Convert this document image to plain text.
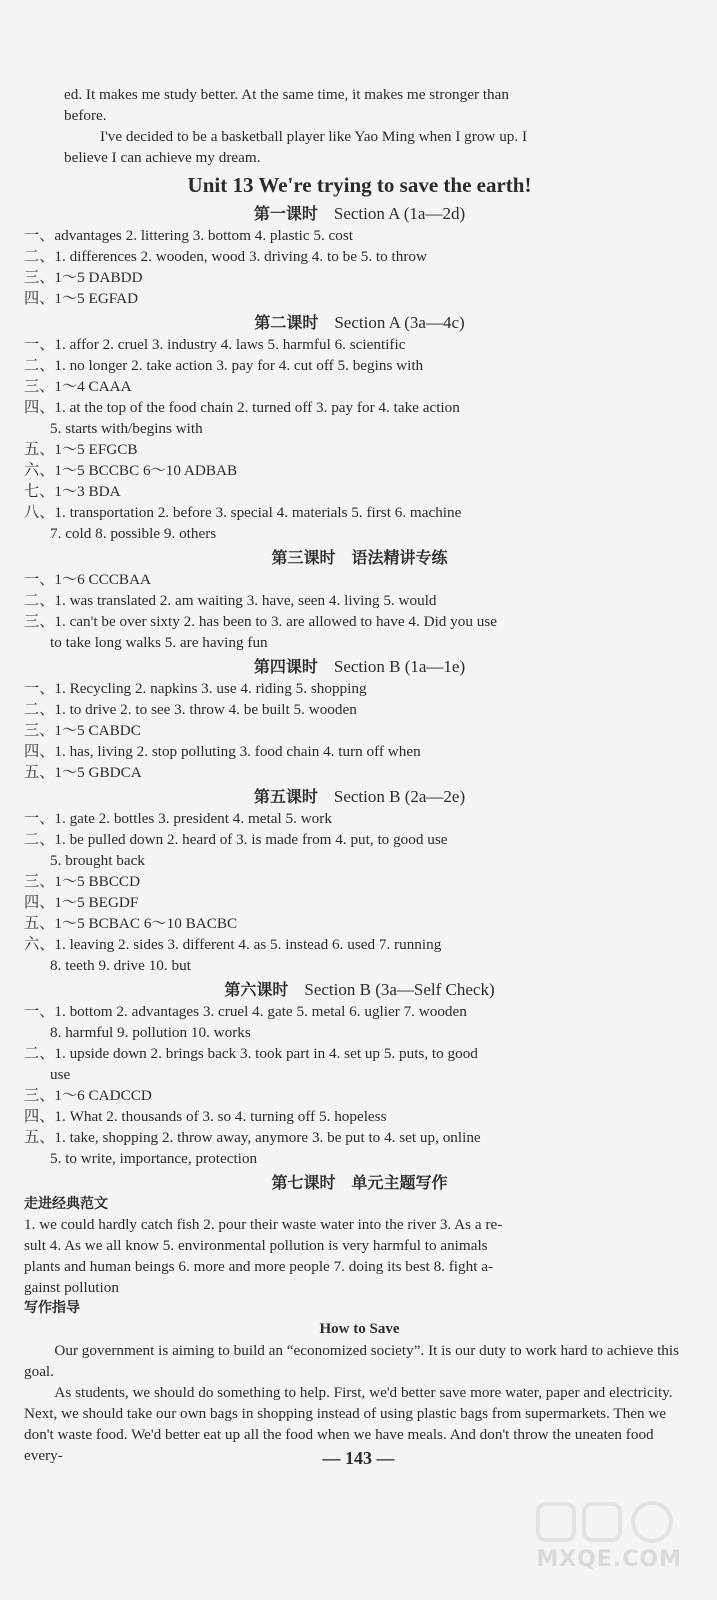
ed. It makes me study better. At the same time, it makes me stronger than
before.
I've decided to be a basketball player like Yao Ming when I grow up. I
believe I can achieve my dream.
Unit 13 We're trying to save the earth!
第一课时 Section A (1a—2d)
一、advantages 2. littering 3. bottom 4. plastic 5. cost
二、1. differences 2. wooden, wood 3. driving 4. to be 5. to throw
三、1～5 DABDD
四、1～5 EGFAD
第二课时 Section A (3a—4c)
一、1. affor 2. cruel 3. industry 4. laws 5. harmful 6. scientific
二、1. no longer 2. take action 3. pay for 4. cut off 5. begins with
三、1～4 CAAA
四、1. at the top of the food chain 2. turned off 3. pay for 4. take action
5. starts with/begins with
五、1～5 EFGCB
六、1～5 BCCBC 6～10 ADBAB
七、1～3 BDA
八、1. transportation 2. before 3. special 4. materials 5. first 6. machine
7. cold 8. possible 9. others
第三课时 语法精讲专练
一、1～6 CCCBAA
二、1. was translated 2. am waiting 3. have, seen 4. living 5. would
三、1. can't be over sixty 2. has been to 3. are allowed to have 4. Did you use
to take long walks 5. are having fun
第四课时 Section B (1a—1e)
一、1. Recycling 2. napkins 3. use 4. riding 5. shopping
二、1. to drive 2. to see 3. throw 4. be built 5. wooden
三、1～5 CABDC
四、1. has, living 2. stop polluting 3. food chain 4. turn off when
五、1～5 GBDCA
第五课时 Section B (2a—2e)
一、1. gate 2. bottles 3. president 4. metal 5. work
二、1. be pulled down 2. heard of 3. is made from 4. put, to good use
5. brought back
三、1～5 BBCCD
四、1～5 BEGDF
五、1～5 BCBAC 6～10 BACBC
六、1. leaving 2. sides 3. different 4. as 5. instead 6. used 7. running
8. teeth 9. drive 10. but
第六课时 Section B (3a—Self Check)
一、1. bottom 2. advantages 3. cruel 4. gate 5. metal 6. uglier 7. wooden
8. harmful 9. pollution 10. works
二、1. upside down 2. brings back 3. took part in 4. set up 5. puts, to good
use
三、1～6 CADCCD
四、1. What 2. thousands of 3. so 4. turning off 5. hopeless
五、1. take, shopping 2. throw away, anymore 3. be put to 4. set up, online
5. to write, importance, protection
第七课时 单元主题写作
走进经典范文
1. we could hardly catch fish 2. pour their waste water into the river 3. As a re-
sult 4. As we all know 5. environmental pollution is very harmful to animals
plants and human beings 6. more and more people 7. doing its best 8. fight a-
gainst pollution
写作指导
How to Save

Our government is aiming to build an “economized society”. It is our duty to work hard to achieve this goal.

As students, we should do something to help. First, we'd better save more water, paper and electricity. Next, we should take our own bags in shopping instead of using plastic bags from supermarkets. Then we don't waste food. We'd better eat up all the food when we have meals. And don't throw the uneaten food every-	— 143 —
MXQE.COM
